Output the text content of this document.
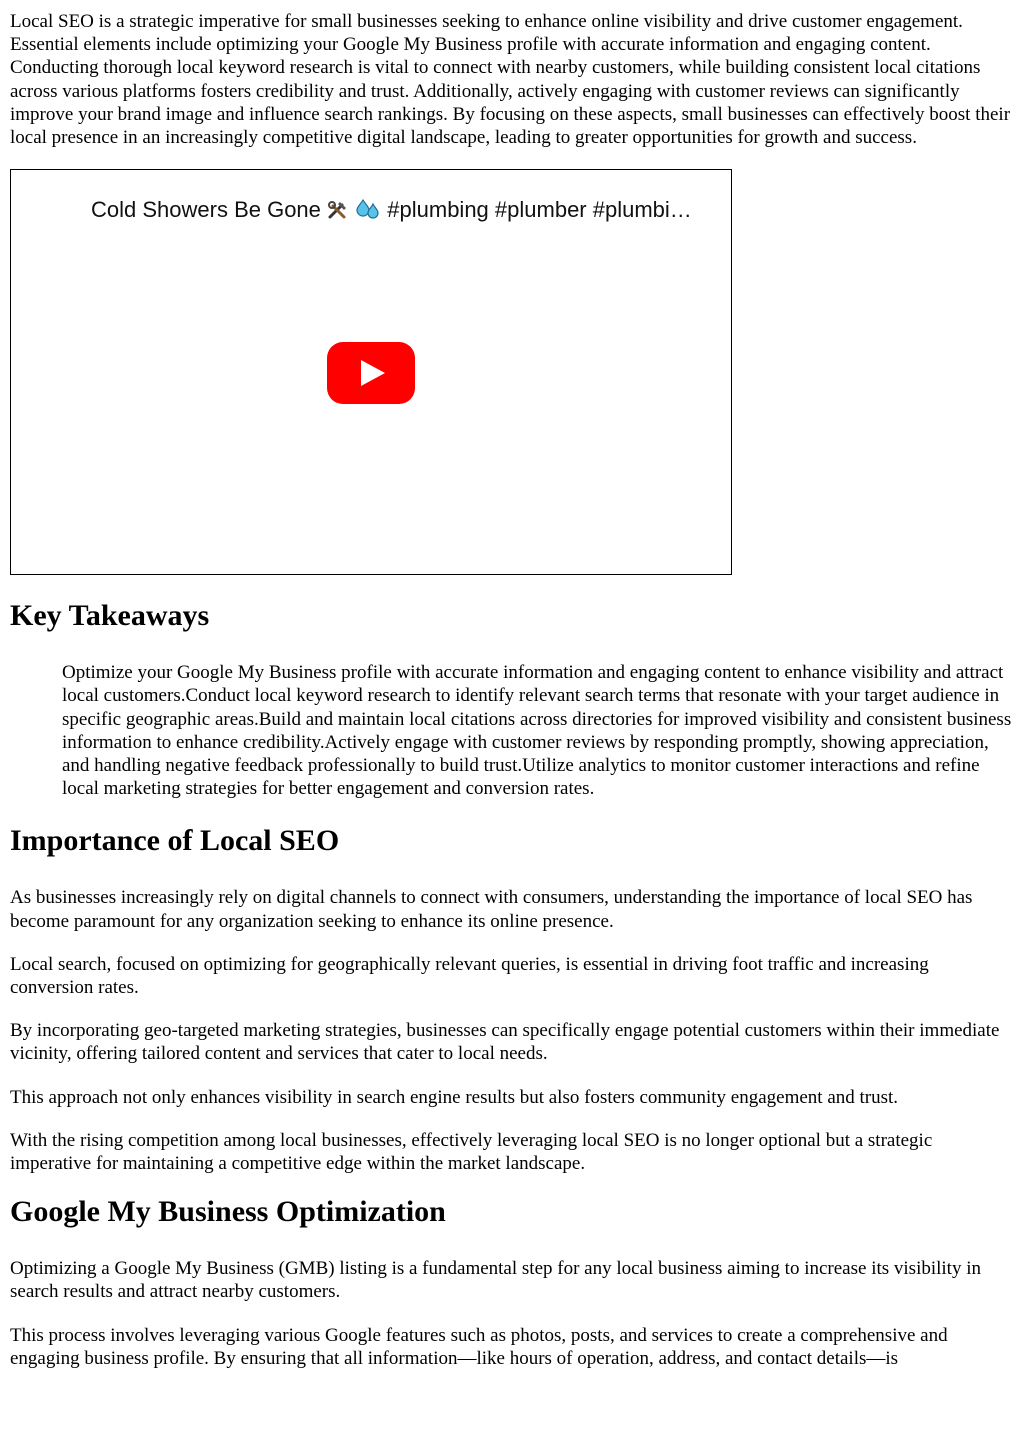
Local SEO is a strategic imperative for small businesses seeking to enhance online visibility and drive customer engagement. Essential elements include optimizing your Google My Business profile with accurate information and engaging content. Conducting thorough local keyword research is vital to connect with nearby customers, while building consistent local citations across various platforms fosters credibility and trust. Additionally, actively engaging with customer reviews can significantly improve your brand image and influence search rankings. By focusing on these aspects, small businesses can effectively boost their local presence in an increasingly competitive digital landscape, leading to greater opportunities for growth and success.

Cold Showers Be Gone	#plumbing #plumber #plumbi…
Key Takeaways
Optimize your Google My Business profile with accurate information and engaging content to enhance visibility and attract local customers.Conduct local keyword research to identify relevant search terms that resonate with your target audience in specific geographic areas.Build and maintain local citations across directories for improved visibility and consistent business information to enhance credibility.Actively engage with customer reviews by responding promptly, showing appreciation, and handling negative feedback professionally to build trust.Utilize analytics to monitor customer interactions and refine local marketing strategies for better engagement and conversion rates.
Importance of Local SEO

As businesses increasingly rely on digital channels to connect with consumers, understanding the importance of local SEO has become paramount for any organization seeking to enhance its online presence.

Local search, focused on optimizing for geographically relevant queries, is essential in driving foot traffic and increasing conversion rates.

By incorporating geo-targeted marketing strategies, businesses can specifically engage potential customers within their immediate vicinity, offering tailored content and services that cater to local needs.

This approach not only enhances visibility in search engine results but also fosters community engagement and trust.

With the rising competition among local businesses, effectively leveraging local SEO is no longer optional but a strategic imperative for maintaining a competitive edge within the market landscape.

Google My Business Optimization

Optimizing a Google My Business (GMB) listing is a fundamental step for any local business aiming to increase its visibility in search results and attract nearby customers.

This process involves leveraging various Google features such as photos, posts, and services to create a comprehensive and engaging business profile. By ensuring that all information—like hours of operation, address, and contact details—is
